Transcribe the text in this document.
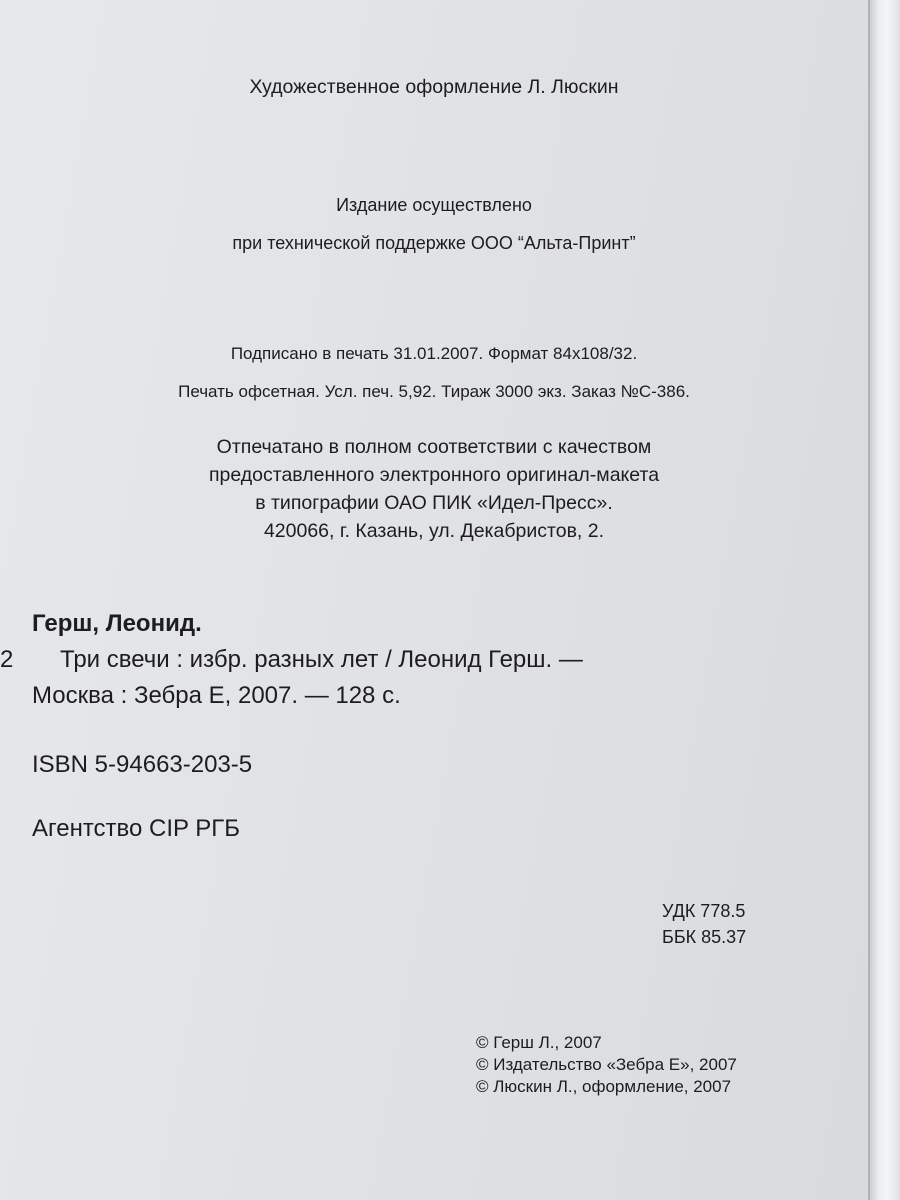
Художественное оформление Л. Люскин
Издание осуществлено
при технической поддержке ООО “Альта-Принт”
Подписано в печать 31.01.2007. Формат 84x108/32.
Печать офсетная. Усл. печ. 5,92. Тираж 3000 экз. Заказ №С-386.
Отпечатано в полном соответствии с качеством
предоставленного электронного оригинал-макета
в типографии ОАО ПИК «Идел-Пресс».
420066, г. Казань, ул. Декабристов, 2.
Герш, Леонид.
2 Три свечи : избр. разных лет / Леонид Герш. —
Москва : Зебра Е, 2007. — 128 с.
ISBN 5-94663-203-5
Агентство CIP РГБ
УДК 778.5
ББК 85.37
© Герш Л., 2007
© Издательство «Зебра Е», 2007
© Люскин Л., оформление, 2007
